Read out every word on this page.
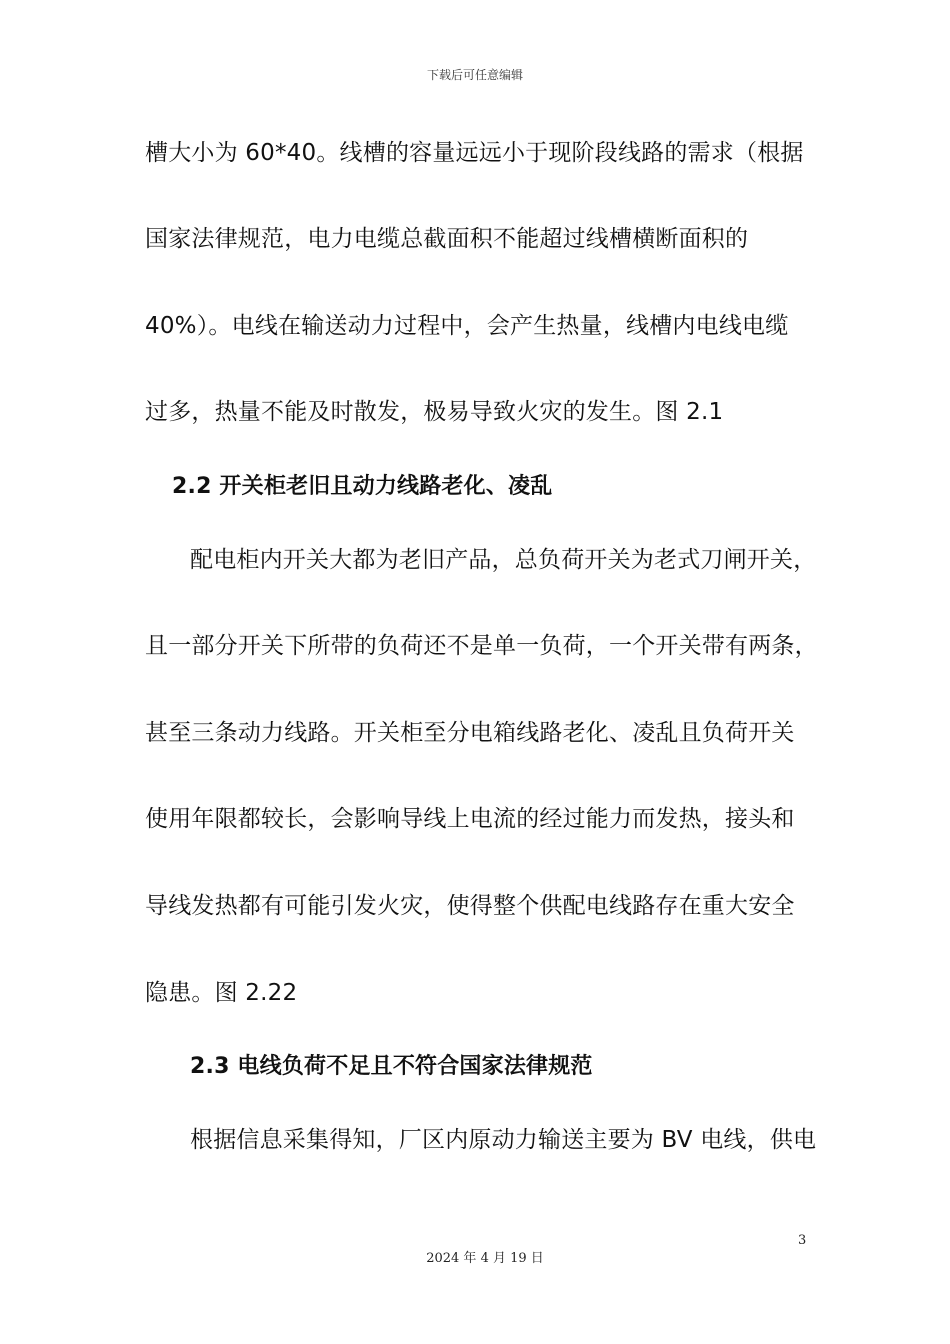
下载后可任意编辑
槽大小为 60*40。线槽的容量远远小于现阶段线路的需求（根据
国家法律规范，电力电缆总截面积不能超过线槽横断面积的
40%）。电线在输送动力过程中，会产生热量，线槽内电线电缆
过多，热量不能及时散发，极易导致火灾的发生。图 2.1
2.2 开关柜老旧且动力线路老化、凌乱
配电柜内开关大都为老旧产品，总负荷开关为老式刀闸开关，
且一部分开关下所带的负荷还不是单一负荷，一个开关带有两条，
甚至三条动力线路。开关柜至分电箱线路老化、凌乱且负荷开关
使用年限都较长，会影响导线上电流的经过能力而发热，接头和
导线发热都有可能引发火灾，使得整个供配电线路存在重大安全
隐患。图 2.22
2.3 电线负荷不足且不符合国家法律规范
根据信息采集得知，厂区内原动力输送主要为 BV 电线，供电
3
2024 年 4 月 19 日
